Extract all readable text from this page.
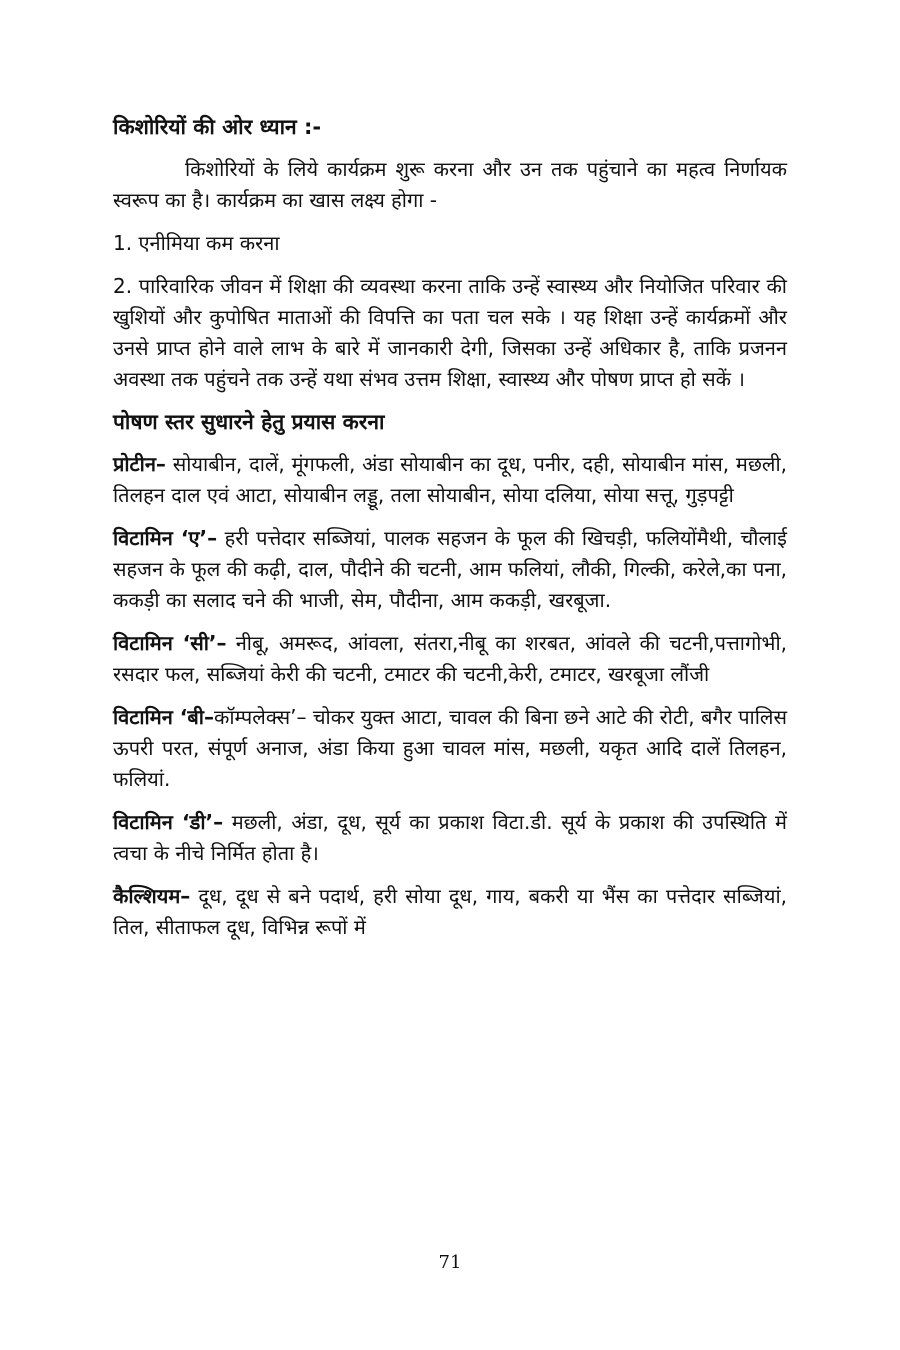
किशोरियों की ओर ध्यान :-

किशोरियों के लिये कार्यक्रम शुरू करना और उन तक पहुंचाने का महत्व निर्णायक स्वरूप का है। कार्यक्रम का खास लक्ष्य होगा -

1. एनीमिया कम करना

2. पारिवारिक जीवन में शिक्षा की व्यवस्था करना ताकि उन्हें स्वास्थ्य और नियोजित परिवार की खुशियों और कुपोषित माताओं की विपत्ति का पता चल सके । यह शिक्षा उन्हें कार्यक्रमों और उनसे प्राप्त होने वाले लाभ के बारे में जानकारी देगी, जिसका उन्हें अधिकार है, ताकि प्रजनन अवस्था तक पहुंचने तक उन्हें यथा संभव उत्तम शिक्षा, स्वास्थ्य और पोषण प्राप्त हो सकें ।

पोषण स्तर सुधारने हेतु प्रयास करना

प्रोटीन– सोयाबीन, दालें, मूंगफली, अंडा सोयाबीन का दूध, पनीर, दही, सोयाबीन मांस, मछली, तिलहन दाल एवं आटा, सोयाबीन लड्डू, तला सोयाबीन, सोया दलिया, सोया सत्तू, गुड़पट्टी

विटामिन ‘ए’– हरी पत्तेदार सब्जियां, पालक सहजन के फूल की खिचड़ी, फलियोंमैथी, चौलाई सहजन के फूल की कढ़ी, दाल, पौदीने की चटनी, आम फलियां, लौकी, गिल्की, करेले,का पना, ककड़ी का सलाद चने की भाजी, सेम, पौदीना, आम ककड़ी, खरबूजा.

विटामिन ‘सी’– नीबू, अमरूद, आंवला, संतरा,नीबू का शरबत, आंवले की चटनी,पत्तागोभी, रसदार फल, सब्जियां केरी की चटनी, टमाटर की चटनी,केरी, टमाटर, खरबूजा लौंजी

विटामिन ‘बी–कॉम्पलेक्स’– चोकर युक्त आटा, चावल की बिना छने आटे की रोटी, बगैर पालिस ऊपरी परत, संपूर्ण अनाज, अंडा किया हुआ चावल मांस, मछली, यकृत आदि दालें तिलहन, फलियां.

विटामिन ‘डी’– मछली, अंडा, दूध, सूर्य का प्रकाश विटा.डी. सूर्य के प्रकाश की उपस्थिति में त्वचा के नीचे निर्मित होता है।

कैल्शियम– दूध, दूध से बने पदार्थ, हरी सोया दूध, गाय, बकरी या भैंस का पत्तेदार सब्जियां, तिल, सीताफल दूध, विभिन्न रूपों में

71
